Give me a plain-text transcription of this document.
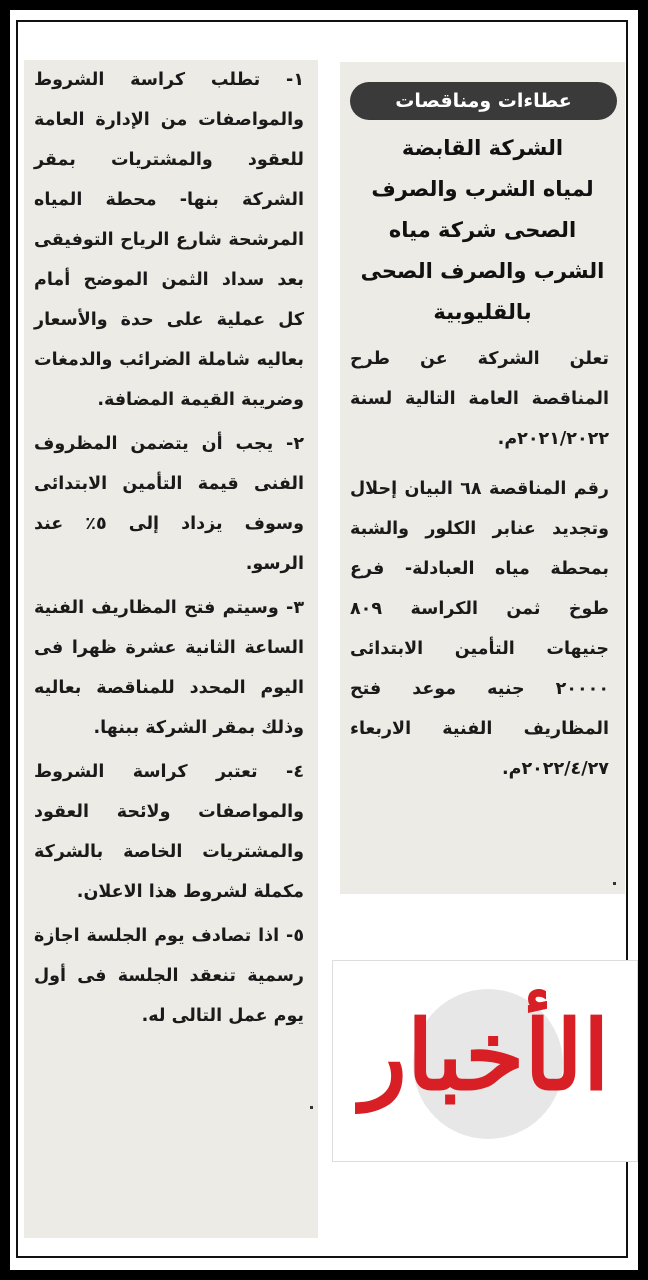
١- تطلب كراسة الشروط والمواصفات من الإدارة العامة للعقود والمشتريات بمقر الشركة بنها- محطة المياه المرشحة شارع الرياح التوفيقى بعد سداد الثمن الموضح أمام كل عملية على حدة والأسعار بعاليه شاملة الضرائب والدمغات وضريبة القيمة المضافة.
٢- يجب أن يتضمن المظروف الفنى قيمة التأمين الابتدائى وسوف يزداد إلى ٥٪ عند الرسو.
٣- وسيتم فتح المظاريف الفنية الساعة الثانية عشرة ظهرا فى اليوم المحدد للمناقصة بعاليه وذلك بمقر الشركة ببنها.
٤- تعتبر كراسة الشروط والمواصفات ولائحة العقود والمشتريات الخاصة بالشركة مكملة لشروط هذا الاعلان.
٥- اذا تصادف يوم الجلسة اجازة رسمية تنعقد الجلسة فى أول يوم عمل التالى له.
عطاءات ومناقصات
الشركة القابضة
لمياه الشرب والصرف
الصحى شركة مياه
الشرب والصرف الصحى
بالقليوبية
تعلن الشركة عن طرح المناقصة العامة التالية لسنة ٢٠٢١/٢٠٢٢م.
رقم المناقصة ٦٨ البيان إحلال وتجديد عنابر الكلور والشبة بمحطة مياه العبادلة- فرع طوخ ثمن الكراسة ٨٠٩ جنيهات التأمين الابتدائى ٢٠٠٠٠ جنيه موعد فتح المظاريف الفنية الاربعاء ٢٠٢٢/٤/٢٧م.
الأخبار
